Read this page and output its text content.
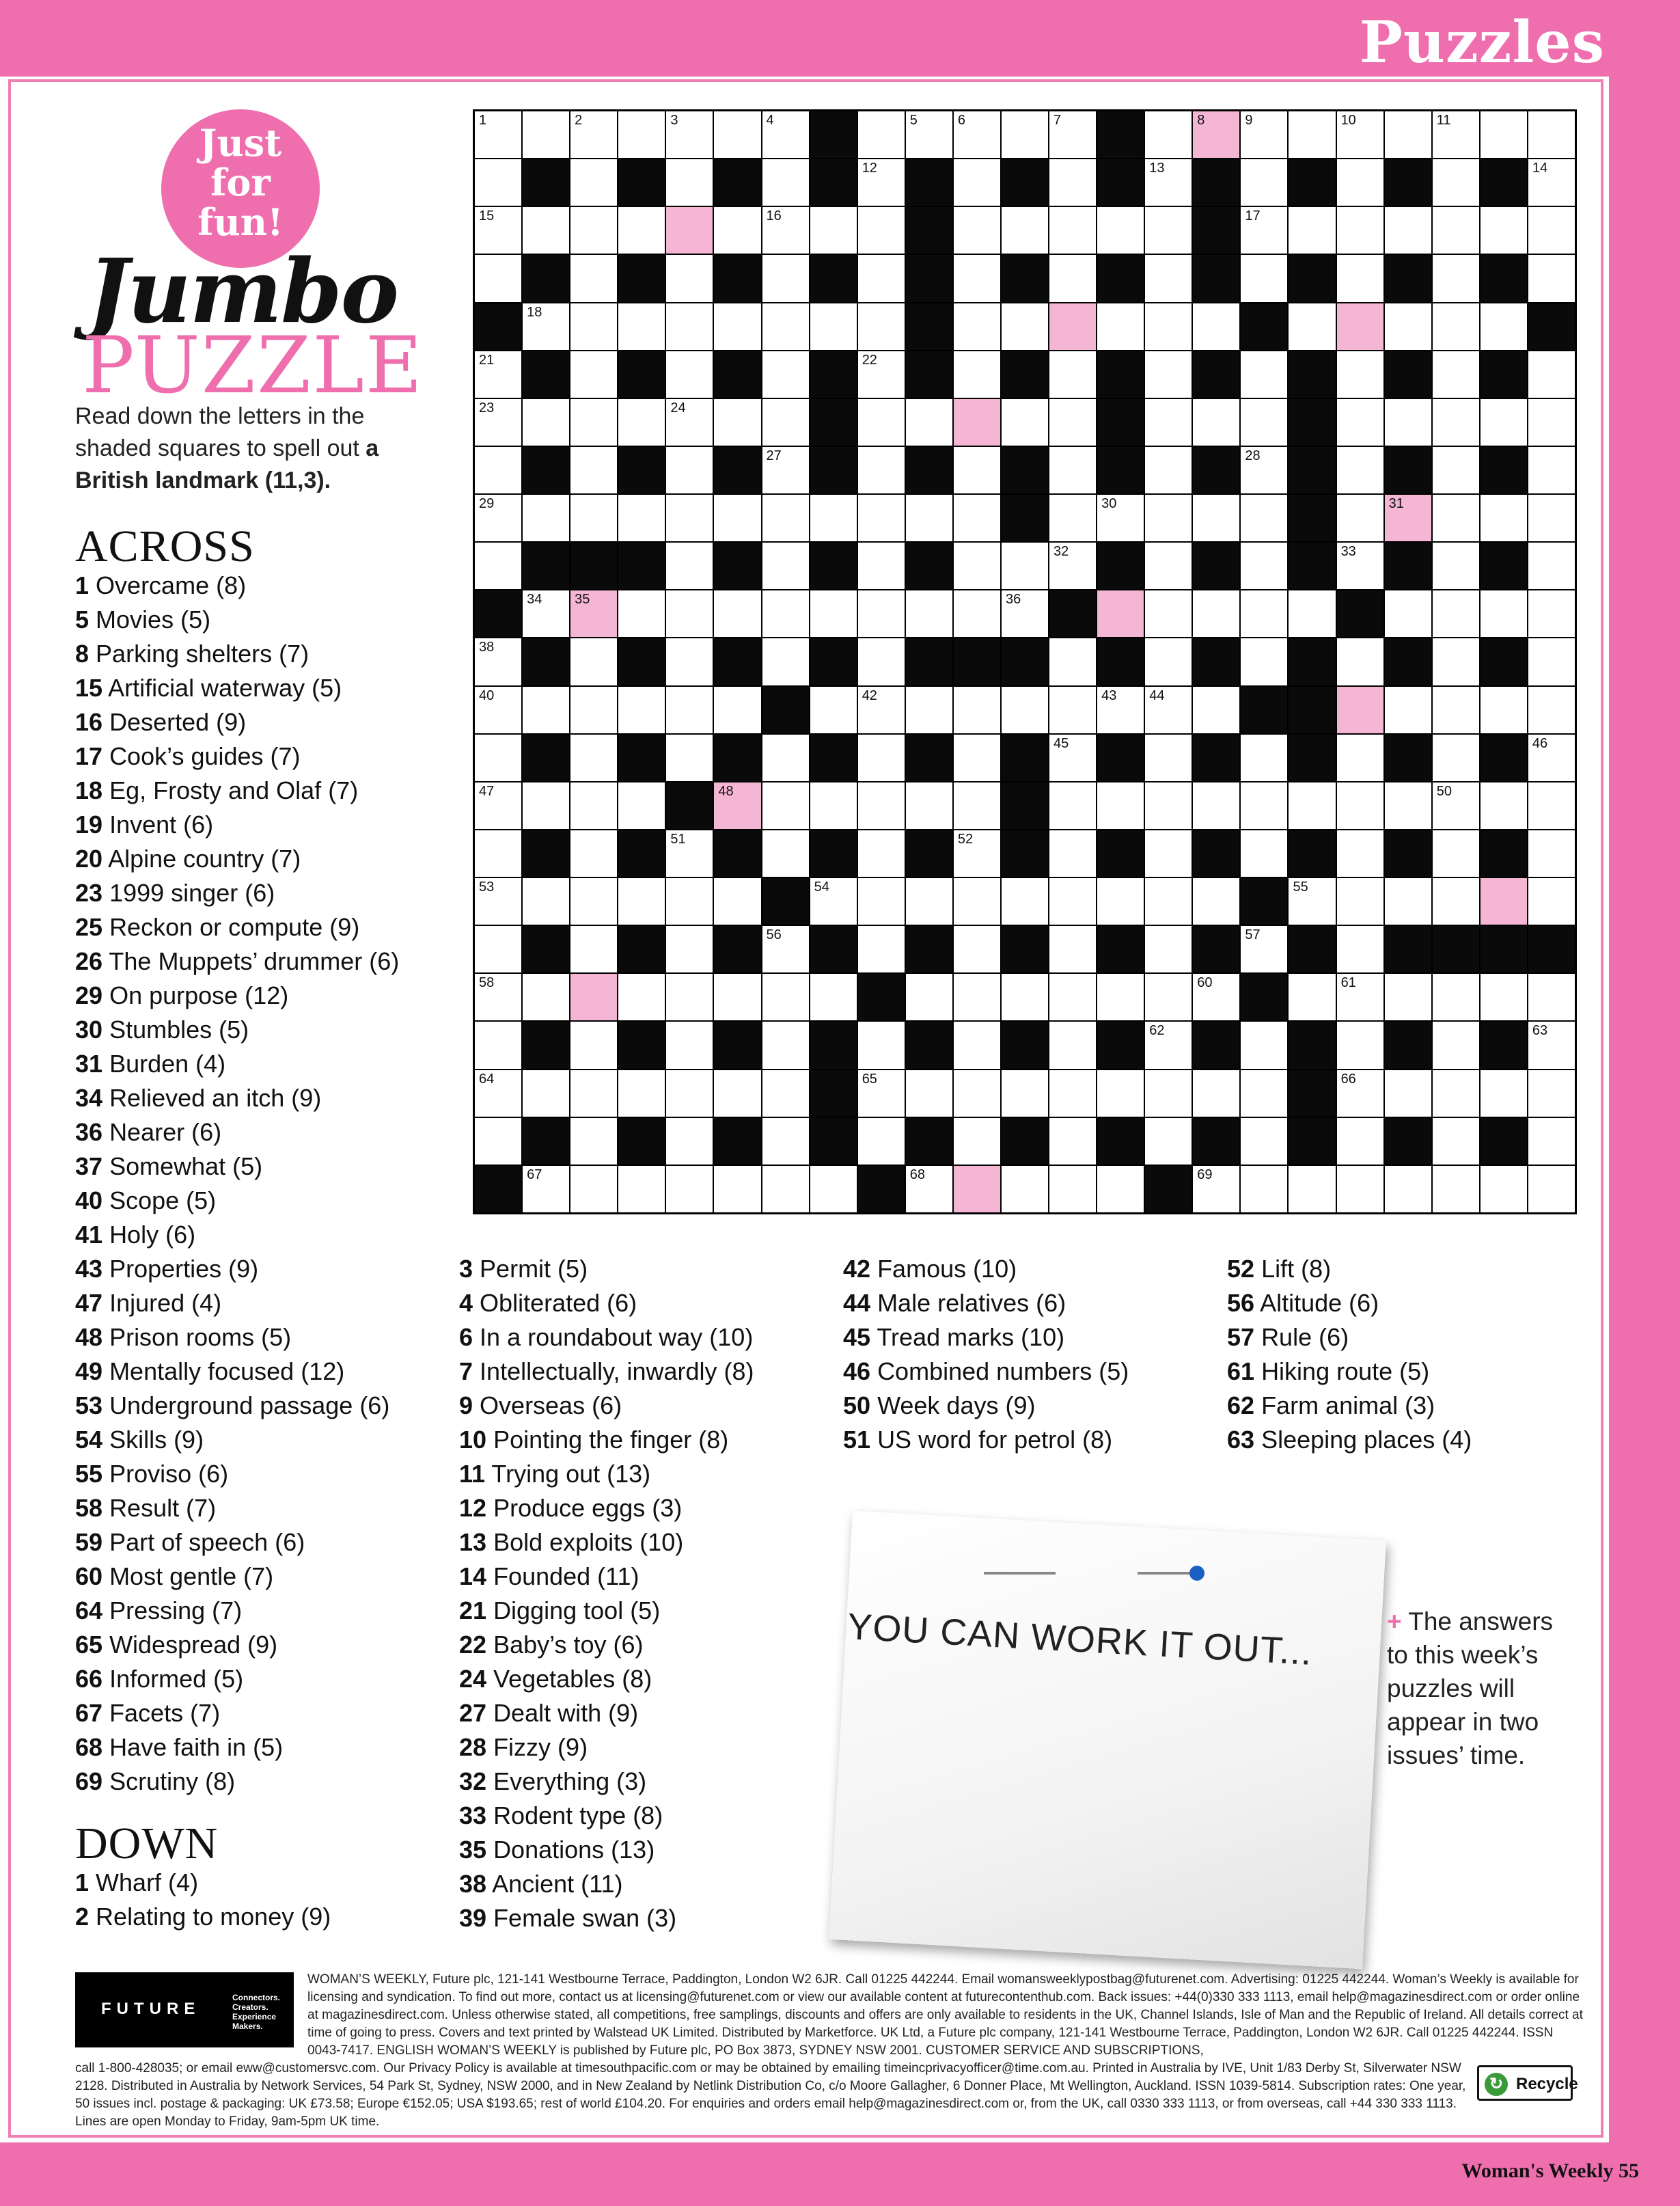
Puzzles
Just
for
fun!
Jumbo
PUZZLE
Read down the letters in the shaded squares to spell out a British landmark (11,3).
ACROSS
1 Overcame (8)
5 Movies (5)
8 Parking shelters (7)
15 Artificial waterway (5)
16 Deserted (9)
17 Cook’s guides (7)
18 Eg, Frosty and Olaf (7)
19 Invent (6)
20 Alpine country (7)
23 1999 singer (6)
25 Reckon or compute (9)
26 The Muppets’ drummer (6)
29 On purpose (12)
30 Stumbles (5)
31 Burden (4)
34 Relieved an itch (9)
36 Nearer (6)
37 Somewhat (5)
40 Scope (5)
41 Holy (6)
43 Properties (9)
47 Injured (4)
48 Prison rooms (5)
49 Mentally focused (12)
53 Underground passage (6)
54 Skills (9)
55 Proviso (6)
58 Result (7)
59 Part of speech (6)
60 Most gentle (7)
64 Pressing (7)
65 Widespread (9)
66 Informed (5)
67 Facets (7)
68 Have faith in (5)
69 Scrutiny (8)
DOWN
1 Wharf (4)
2 Relating to money (9)
3 Permit (5)
4 Obliterated (6)
6 In a roundabout way (10)
7 Intellectually, inwardly (8)
9 Overseas (6)
10 Pointing the finger (8)
11 Trying out (13)
12 Produce eggs (3)
13 Bold exploits (10)
14 Founded (11)
21 Digging tool (5)
22 Baby’s toy (6)
24 Vegetables (8)
27 Dealt with (9)
28 Fizzy (9)
32 Everything (3)
33 Rodent type (8)
35 Donations (13)
38 Ancient (11)
39 Female swan (3)
42 Famous (10)
44 Male relatives (6)
45 Tread marks (10)
46 Combined numbers (5)
50 Week days (9)
51 US word for petrol (8)
52 Lift (8)
56 Altitude (6)
57 Rule (6)
61 Hiking route (5)
62 Farm animal (3)
63 Sleeping places (4)
1	2	3	4	5	6	7	8	9	10	11
12	13	14
15	16	17
18
21	22
23	24
27	28
29	30	31
32	33
34 35	36
38
40	42	43 44
45	46
47	48	50
51	52
53	54	55
56	57
58	60	61
62	63
64	65	66
67	68	69
YOU CAN WORK IT OUT...	+ The answers to this week’s puzzles will appear in two issues’ time.
FUTURE
Connectors. Creators. Experience Makers.
WOMAN’S WEEKLY, Future plc, 121-141 Westbourne Terrace, Paddington, London W2 6JR. Call 01225 442244. Email womansweeklypostbag@futurenet.com. Advertising: 01225 442244. Woman’s Weekly is available for licensing and syndication. To find out more, contact us at licensing@futurenet.com or view our available content at futurecontenthub.com. Back issues: +44(0)330 333 1113, email help@magazinesdirect.com or order online at magazinesdirect.com. Unless otherwise stated, all competitions, free samplings, discounts and offers are only available to residents in the UK, Channel Islands, Isle of Man and the Republic of Ireland. All details correct at time of going to press. Covers and text printed by Walstead UK Limited. Distributed by Marketforce. UK Ltd, a Future plc company, 121-141 Westbourne Terrace, Paddington, London W2 6JR. Call 01225 442244. ISSN 0043-7417. ENGLISH WOMAN’S WEEKLY is published by Future plc, PO Box 3873, SYDNEY NSW 2001. CUSTOMER SERVICE AND SUBSCRIPTIONS,
call 1-800-428035; or email eww@customersvc.com. Our Privacy Policy is available at timesouthpacific.com or may be obtained by emailing timeincprivacyofficer@time.com.au. Printed in Australia by IVE, Unit 1/83 Derby St, Silverwater NSW 2128. Distributed in Australia by Network Services, 54 Park St, Sydney, NSW 2000, and in New Zealand by Netlink Distribution Co, c/o Moore Gallagher, 6 Donner Place, Mt Wellington, Auckland. ISSN 1039-5814. Subscription rates: One year, 50 issues incl. postage & packaging: UK £73.58; Europe €152.05; USA $193.65; rest of world £104.20. For enquiries and orders email help@magazinesdirect.com or, from the UK, call 0330 333 1113, or from overseas, call +44 330 333 1113. Lines are open Monday to Friday, 9am-5pm UK time.
↻ Recycle
Woman's Weekly 55
